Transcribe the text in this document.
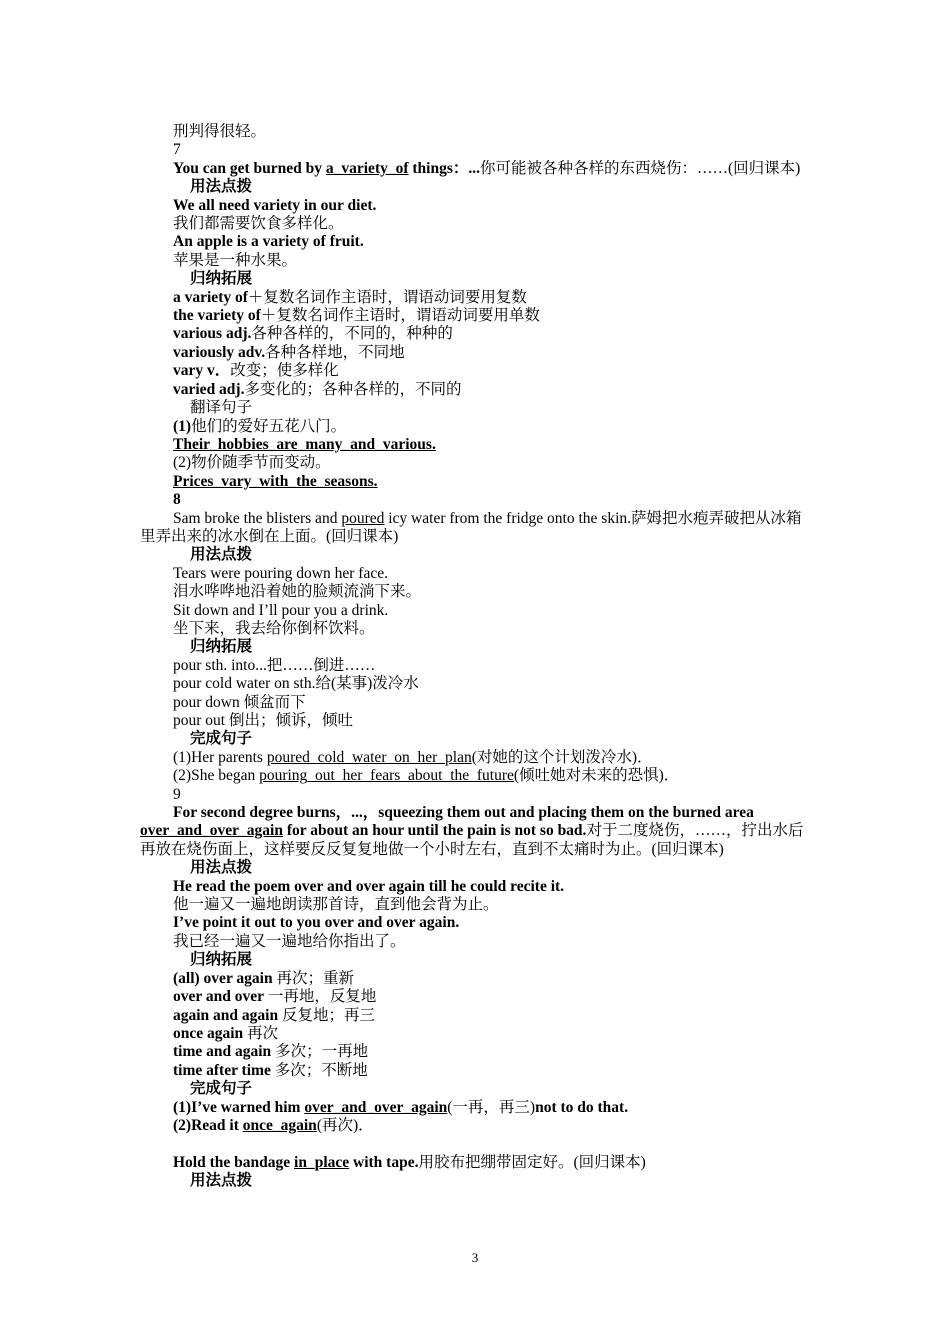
刑判得很轻。
7
You can get burned by a_variety_of things：...你可能被各种各样的东西烧伤：……(回归课本)
用法点拨
We all need variety in our diet.
我们都需要饮食多样化。
An apple is a variety of fruit.
苹果是一种水果。
归纳拓展
a variety of＋复数名词作主语时，谓语动词要用复数
the variety of＋复数名词作主语时，谓语动词要用单数
various adj.各种各样的，不同的，种种的
variously adv.各种各样地，不同地
vary v．改变；使多样化
varied adj.多变化的；各种各样的，不同的
翻译句子
(1)他们的爱好五花八门。
Their_hobbies_are_many_and_various.
(2)物价随季节而变动。
Prices_vary_with_the_seasons.
8
Sam broke the blisters and poured icy water from the fridge onto the skin.萨姆把水疱弄破把从冰箱里弄出来的冰水倒在上面。(回归课本)
用法点拨
Tears were pouring down her face.
泪水哗哗地沿着她的脸颊流淌下来。
Sit down and I’ll pour you a drink.
坐下来，我去给你倒杯饮料。
归纳拓展
pour sth. into...把……倒进……
pour cold water on sth.给(某事)泼冷水
pour down 倾盆而下
pour out 倒出；倾诉，倾吐
完成句子
(1)Her parents poured_cold_water_on_her_plan(对她的这个计划泼冷水)．
(2)She began pouring_out_her_fears_about_the_future(倾吐她对未来的恐惧)．
9
For second degree burns，...，squeezing them out and placing them on the burned area over_and_over_again for about an hour until the pain is not so bad.对于二度烧伤，……，拧出水后再放在烧伤面上，这样要反反复复地做一个小时左右，直到不太痛时为止。(回归课本)
用法点拨
He read the poem over and over again till he could recite it.
他一遍又一遍地朗读那首诗，直到他会背为止。
I’ve point it out to you over and over again.
我已经一遍又一遍地给你指出了。
归纳拓展
(all) over again 再次；重新
over and over 一再地，反复地
again and again 反复地；再三
once again 再次
time and again 多次；一再地
time after time 多次；不断地
完成句子
(1)I’ve warned him over_and_over_again(一再，再三)not to do that.
(2)Read it once_again(再次)．
Hold the bandage in_place with tape.用胶布把绷带固定好。(回归课本)
用法点拨
3
